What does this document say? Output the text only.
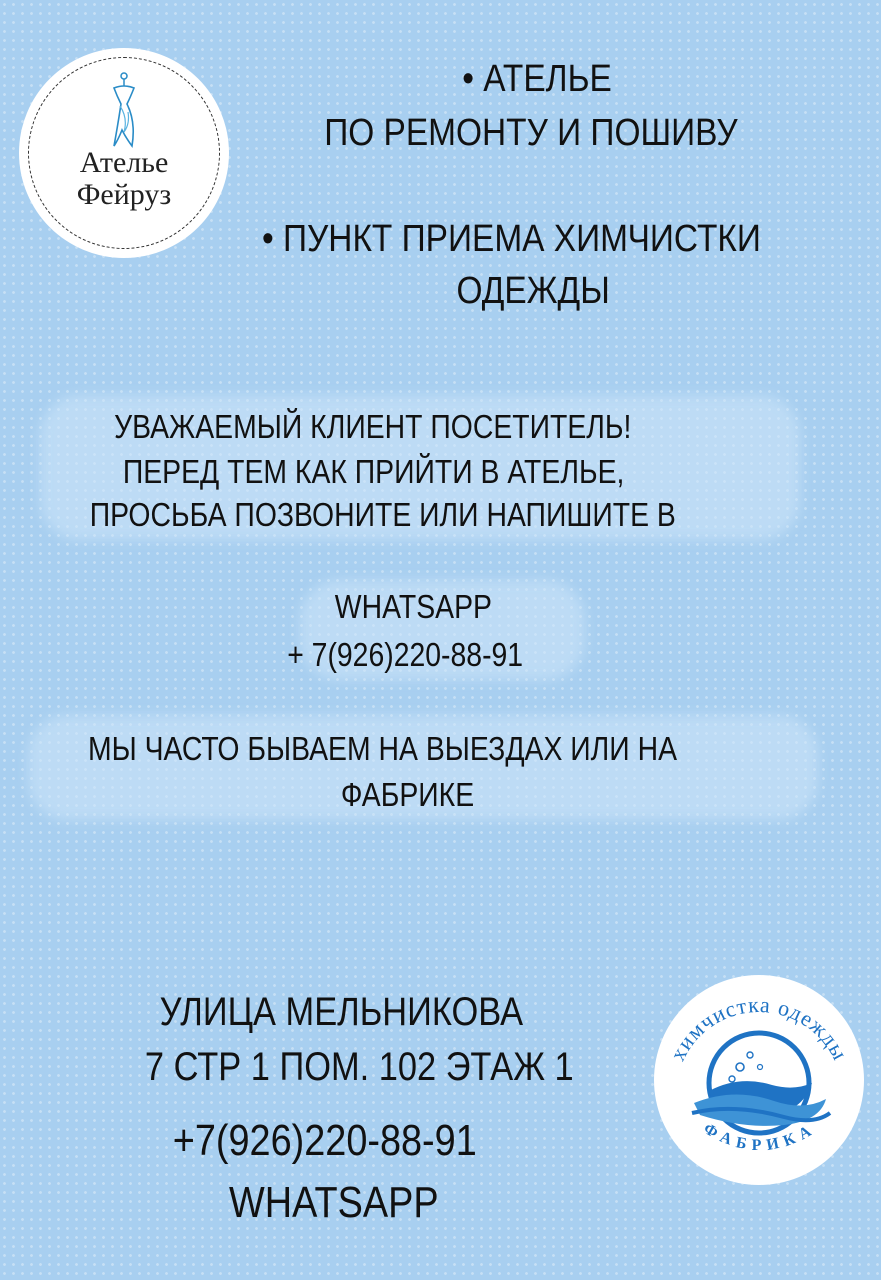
Ателье
Фейруз
• АТЕЛЬЕ
ПО РЕМОНТУ И ПОШИВУ
• ПУНКТ ПРИЕМА ХИМЧИСТКИ
ОДЕЖДЫ
УВАЖАЕМЫЙ КЛИЕНТ ПОСЕТИТЕЛЬ!
ПЕРЕД ТЕМ КАК ПРИЙТИ В АТЕЛЬЕ,
ПРОСЬБА ПОЗВОНИТЕ ИЛИ НАПИШИТЕ В
WHATSAPP
+ 7(926)220-88-91
МЫ ЧАСТО БЫВАЕМ НА ВЫЕЗДАХ ИЛИ НА
ФАБРИКЕ
УЛИЦА МЕЛЬНИКОВА
7 СТР 1 ПОМ. 102 ЭТАЖ 1
+7(926)220-88-91
WHATSAPP
химчистка одежды
ФАБРИКА
